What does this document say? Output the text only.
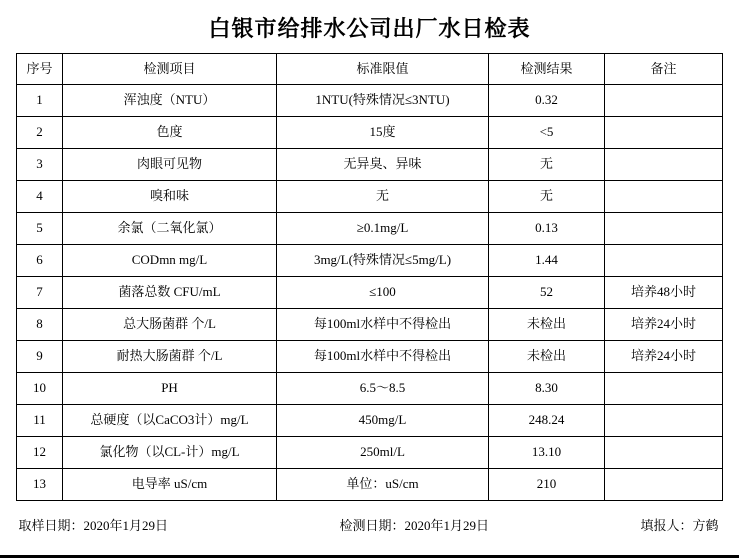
白银市给排水公司出厂水日检表
序号	检测项目	标准限值	检测结果	备注
1	浑浊度（NTU）	1NTU(特殊情况≤3NTU)	0.32	
2	色度	15度	<5	
3	肉眼可见物	无异臭、异味	无	
4	嗅和味	无	无	
5	余氯（二氧化氯）	≥0.1mg/L	0.13	
6	CODmn mg/L	3mg/L(特殊情况≤5mg/L)	1.44	
7	菌落总数 CFU/mL	≤100	52	培养48小时
8	总大肠菌群 个/L	每100ml水样中不得检出	未检出	培养24小时
9	耐热大肠菌群 个/L	每100ml水样中不得检出	未检出	培养24小时
10	PH	6.5～8.5	8.30	
11	总硬度（以CaCO3计）mg/L	450mg/L	248.24	
12	氯化物（以CL-计）mg/L	250ml/L	13.10	
13	电导率 uS/cm	单位：uS/cm	210	
取样日期：2020年1月29日	检测日期：2020年1月29日	填报人：方鹤
